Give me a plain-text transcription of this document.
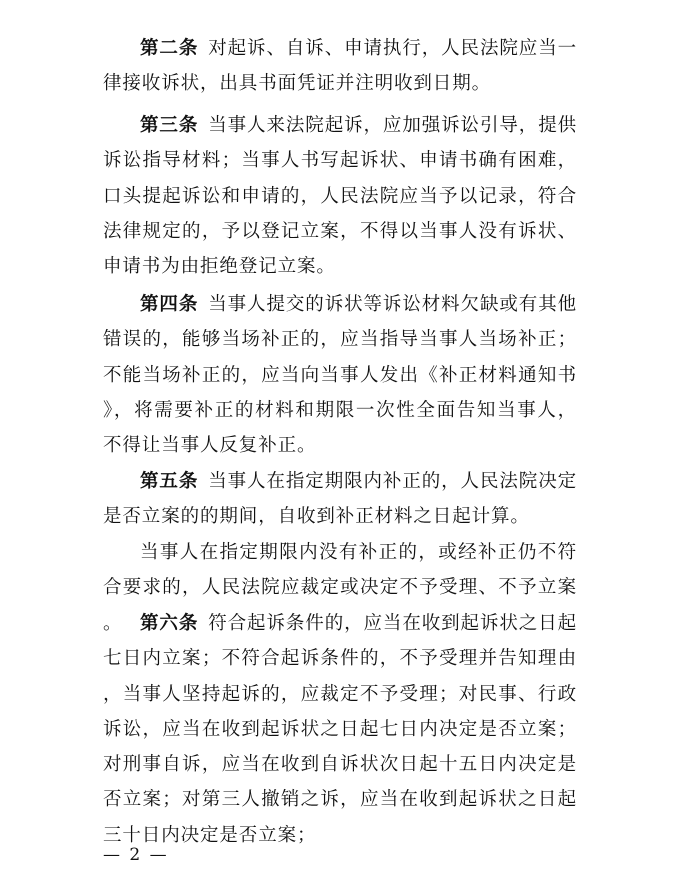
第二条 对起诉、自诉、申请执行，人民法院应当一律接收诉状，出具书面凭证并注明收到日期。

第三条 当事人来法院起诉，应加强诉讼引导，提供诉讼指导材料；当事人书写起诉状、申请书确有困难，口头提起诉讼和申请的，人民法院应当予以记录，符合法律规定的，予以登记立案，不得以当事人没有诉状、申请书为由拒绝登记立案。

第四条 当事人提交的诉状等诉讼材料欠缺或有其他错误的，能够当场补正的，应当指导当事人当场补正；不能当场补正的，应当向当事人发出《补正材料通知书》，将需要补正的材料和期限一次性全面告知当事人，不得让当事人反复补正。

第五条 当事人在指定期限内补正的，人民法院决定是否立案的的期间，自收到补正材料之日起计算。

当事人在指定期限内没有补正的，或经补正仍不符合要求的，人民法院应裁定或决定不予受理、不予立案。 第六条 符合起诉条件的，应当在收到起诉状之日起七日内立案；不符合起诉条件的，不予受理并告知理由，当事人坚持起诉的，应裁定不予受理；对民事、行政诉讼，应当在收到起诉状之日起七日内决定是否立案；对刑事自诉，应当在收到自诉状次日起十五日内决定是否立案；对第三人撤销之诉，应当在收到起诉状之日起三十日内决定是否立案；

— 2 —
